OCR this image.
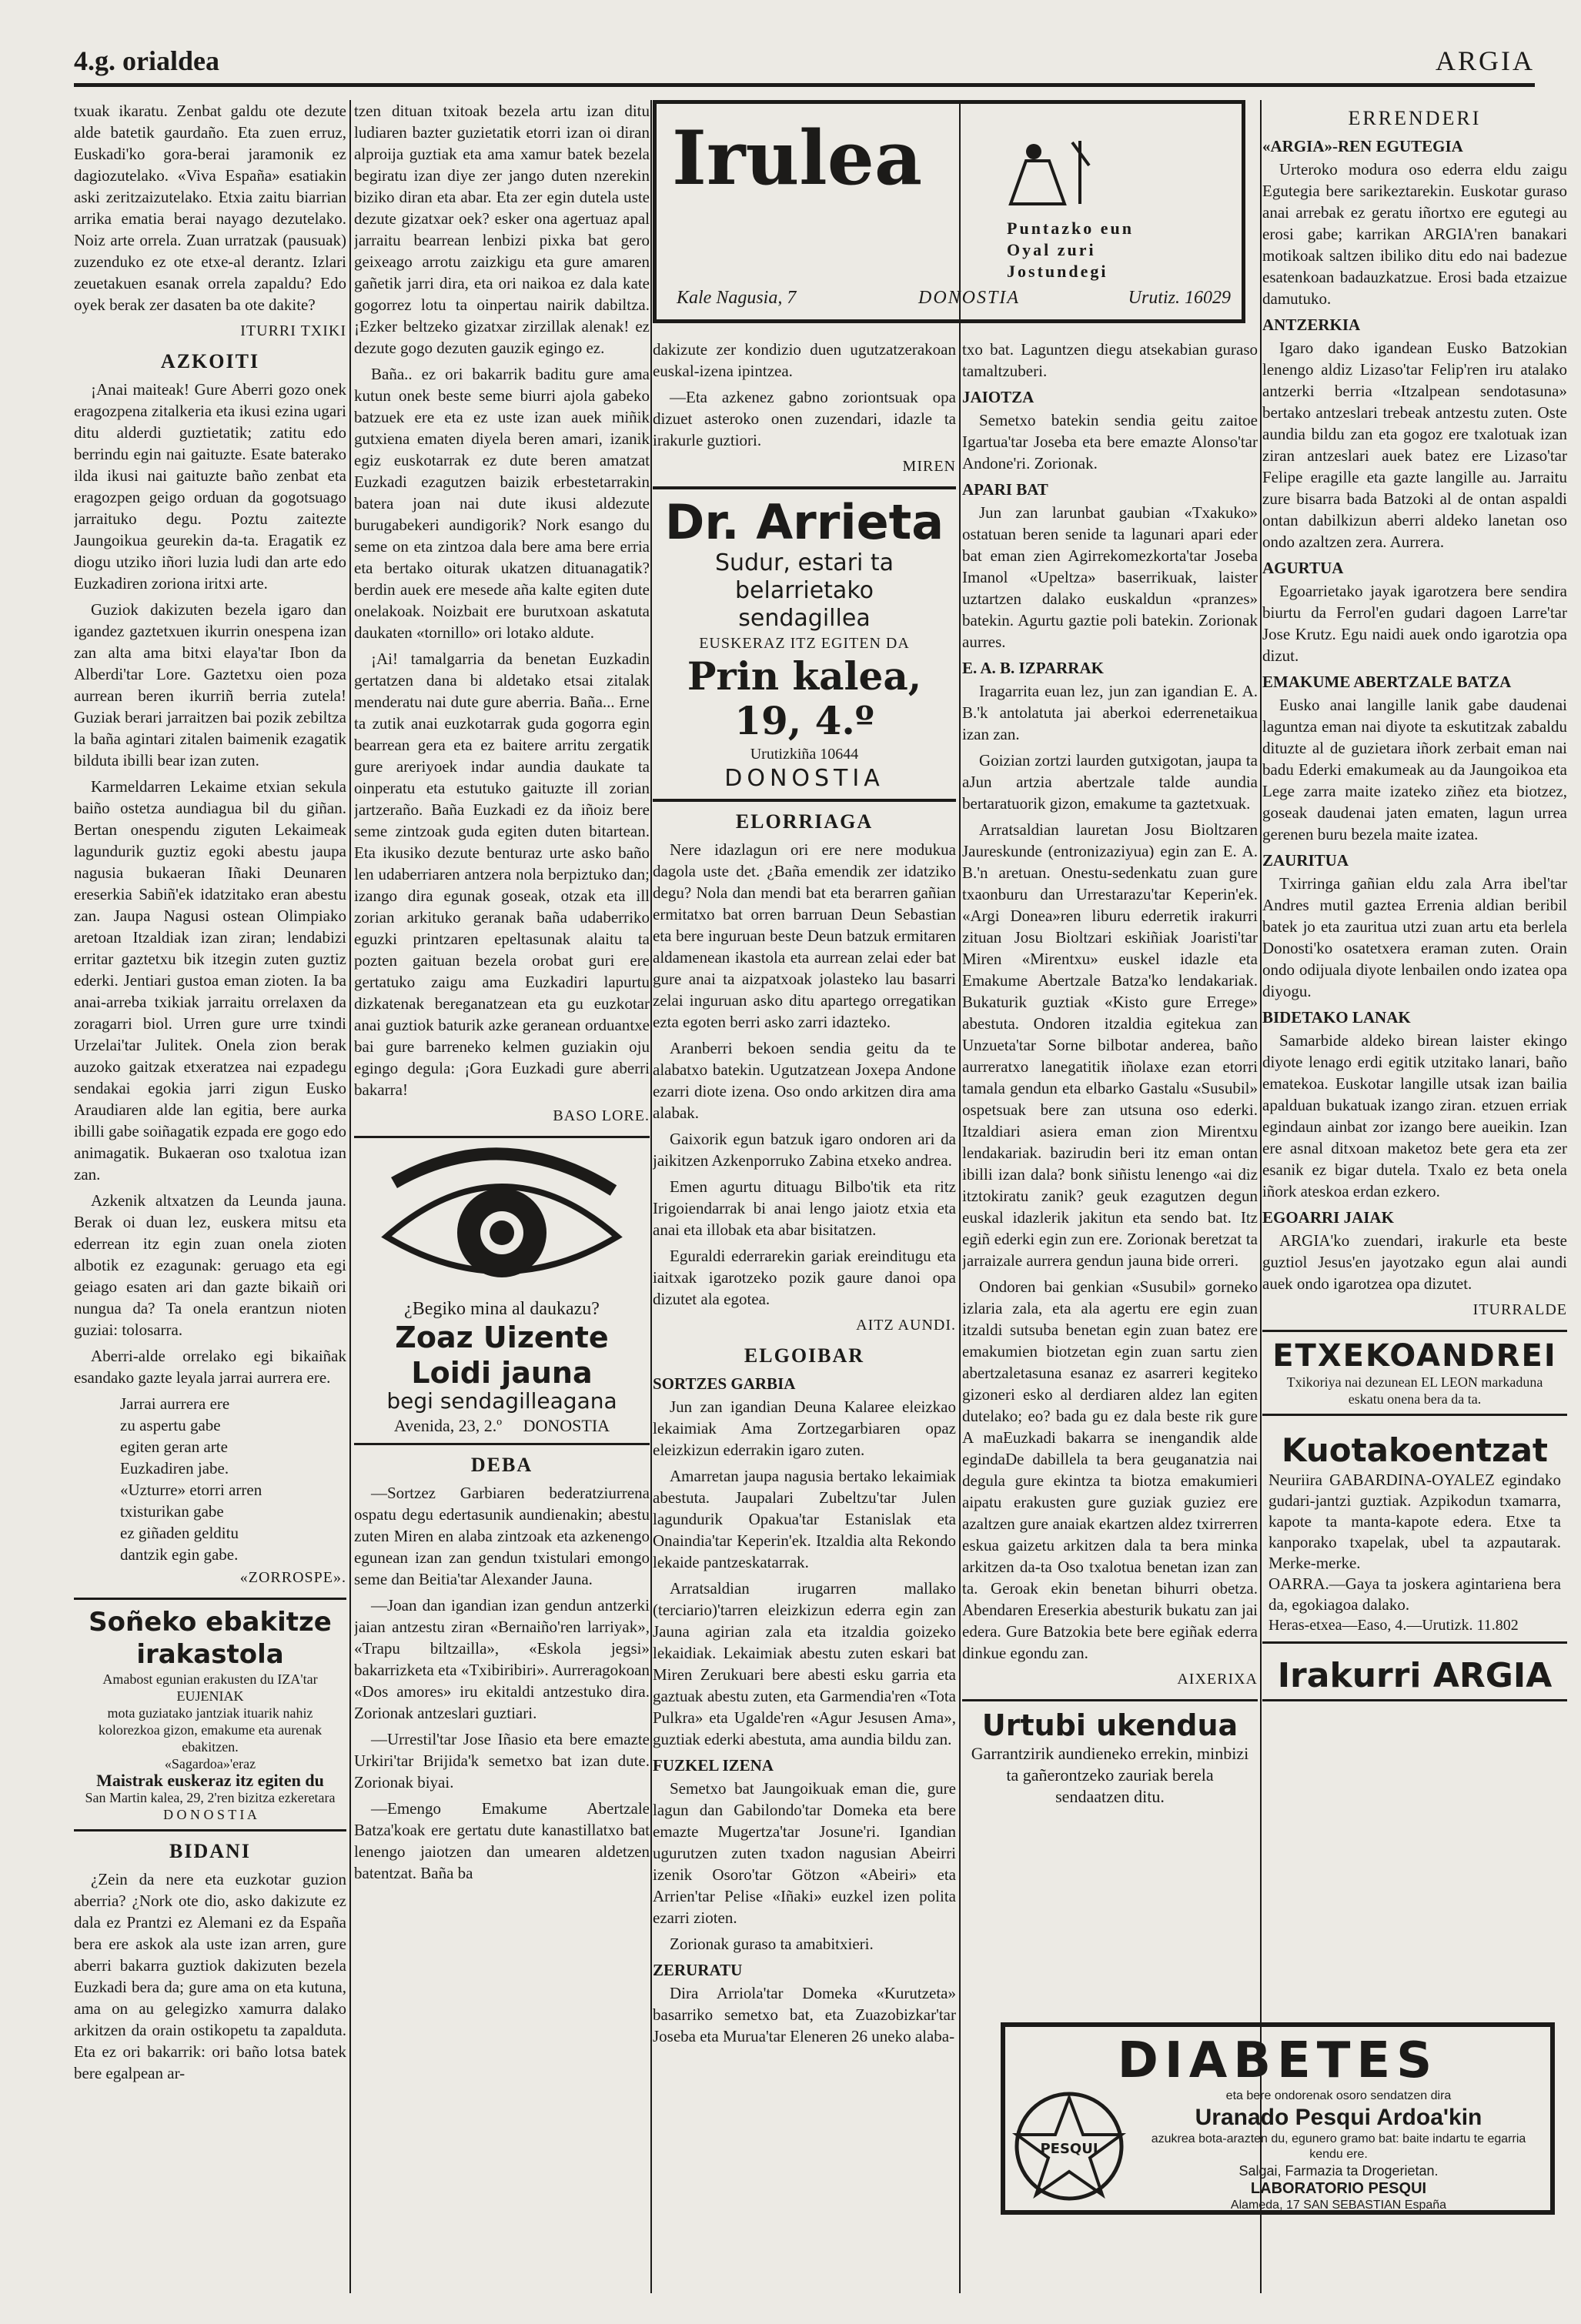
4.g. orialdea	ARGIA

txuak ikaratu. Zenbat galdu ote dezute alde batetik gaurdaño. Eta zuen erruz, Euskadi'ko gora-berai jaramonik ez dagiozutelako. «Viva España» esatiakin aski zeritzaizutelako. Etxia zaitu biarrian arrika ematia berai nayago dezutelako. Noiz arte orrela. Zuan urratzak (pausuak) zuzenduko ez ote etxe-al derantz. Izlari zeuetakuen esanak orrela zapaldu? Edo oyek berak zer dasaten ba ote dakite?

ITURRI TXIKI
AZKOITI

¡Anai maiteak! Gure Aberri gozo onek eragozpena zitalkeria eta ikusi ezina ugari ditu alderdi guztietatik; zatitu edo berrindu egin nai gaituzte. Esate baterako ilda ikusi nai gaituzte baño zenbat eta eragozpen geigo orduan da gogotsuago jarraituko degu. Poztu zaitezte Jaungoikua geurekin da-ta. Eragatik ez diogu utziko iñori luzia ludi dan arte edo Euzkadiren zoriona iritxi arte.

Guziok dakizuten bezela igaro dan igandez gaztetxuen ikurrin onespena izan zan alta ama bitxi elaya'tar Ibon da Alberdi'tar Lore. Gaztetxu oien poza aurrean beren ikurriñ berria zutela! Guziak berari jarraitzen bai pozik zebiltza la baña agintari zitalen baimenik ezagatik bilduta ibilli bear izan zuten.

Karmeldarren Lekaime etxian sekula baiño ostetza aundiagua bil du giñan. Bertan onespendu ziguten Lekaimeak lagundurik guztiz egoki abestu jaupa nagusia bukaeran Iñaki Deunaren ereserkia Sabiñ'ek idatzitako eran abestu zan. Jaupa Nagusi ostean Olimpiako aretoan Itzaldiak izan ziran; lendabizi erritar gaztetxu bik itzegin zuten guztiz ederki. Jentiari gustoa eman zioten. Ia ba anai-arreba txikiak jarraitu orrelaxen da zoragarri biol. Urren gure urre txindi Urzelai'tar Julitek. Onela zion berak auzoko gaitzak etxeratzea nai ezpadegu sendakai egokia jarri zigun Eusko Araudiaren alde lan egitia, bere aurka ibilli gabe soiñagatik ezpada ere gogo edo animagatik. Bukaeran oso txalotua izan zan.

Azkenik altxatzen da Leunda jauna. Berak oi duan lez, euskera mitsu eta ederrean itz egin zuan onela zioten albotik ez ezagunak: geruago eta egi geiago esaten ari dan gazte bikaiñ ori nungua da? Ta onela erantzun nioten guziai: tolosarra.

Aberri-alde orrelako egi bikaiñak esandako gazte leyala jarrai aurrera ere.

Jarrai aurrera ere

zu aspertu gabe

egiten geran arte

Euzkadiren jabe.

«Uzturre» etorri arren

txisturikan gabe

ez giñaden gelditu

dantzik egin gabe.

«ZORROSPE».
Soñeko ebakitze irakastola
Amabost egunian erakusten du IZA'tar EUJENIAK
mota guziatako jantziak ituarik nahiz kolorezkoa gizon, emakume eta aurenak ebakitzen.
«Sagardoa»'eraz
Maistrak euskeraz itz egiten du
San Martin kalea, 29, 2'ren bizitza ezkeretara
D O N O S T I A
BIDANI

¿Zein da nere eta euzkotar guzion aberria? ¿Nork ote dio, asko dakizute ez dala ez Prantzi ez Alemani ez da España bera ere askok ala uste izan arren, gure aberri bakarra guztiok dakizuten bezela Euzkadi bera da; gure ama on eta kutuna, ama on au gelegizko xamurra dalako arkitzen da orain ostikopetu ta zapalduta. Eta ez ori bakarrik: ori baño lotsa batek bere egalpean ar-

tzen dituan txitoak bezela artu izan ditu ludiaren bazter guzietatik etorri izan oi diran alproija guztiak eta ama xamur batek bezela begiratu izan diye zer jango duten nzerekin biziko diran eta abar. Eta zer egin dutela uste dezute gizatxar oek? esker ona agertuaz apal jarraitu bearrean lenbizi pixka bat gero geixeago arrotu zaizkigu eta gure amaren gañetik jarri dira, eta ori naikoa ez dala kate gogorrez lotu ta oinpertau nairik dabiltza. ¡Ezker beltzeko gizatxar zirzillak alenak! ez dezute gogo dezuten gauzik egingo ez.

Baña.. ez ori bakarrik baditu gure ama kutun onek beste seme biurri ajola gabeko batzuek ere eta ez uste izan auek miñik gutxiena ematen diyela beren amari, izanik egiz euskotarrak ez dute beren amatzat Euzkadi ezagutzen baizik erbestetarrakin batera joan nai dute ikusi aldezute burugabekeri aundigorik? Nork esango du seme on eta zintzoa dala bere ama bere erria eta bertako oiturak ukatzen dituanagatik? berdin auek ere mesede aña kalte egiten dute onelakoak. Noizbait ere burutxoan askatuta daukaten «tornillo» ori lotako aldute.

¡Ai! tamalgarria da benetan Euzkadin gertatzen dana bi aldetako etsai zitalak menderatu nai dute gure aberria. Baña... Erne ta zutik anai euzkotarrak guda gogorra egin bearrean gera eta ez baitere arritu zergatik gure areriyoek indar aundia daukate ta oinperatu eta estutuko gaituzte ill zorian jartzeraño. Baña Euzkadi ez da iñoiz bere seme zintzoak guda egiten duten bitartean. Eta ikusiko dezute benturaz urte asko baño len udaberriaren antzera nola berpiztuko dan; izango dira egunak goseak, otzak eta ill zorian arkituko geranak baña udaberriko eguzki printzaren epeltasunak alaitu ta pozten gaituan bezela orobat guri ere gertatuko zaigu ama Euzkadiri lapurtu dizkatenak bereganatzean eta gu euzkotar anai guztiok baturik azke geranean orduantxe bai gure barreneko kelmen guziakin oju egingo degula: ¡Gora Euzkadi gure aberri bakarra!

BASO LORE.
¿Begiko mina al daukazu?
Zoaz Uizente Loidi jauna
begi sendagilleagana
Avenida, 23, 2.º DONOSTIA
DEBA

—Sortzez Garbiaren bederatziurrena ospatu degu edertasunik aundienakin; abestu zuten Miren en alaba zintzoak eta azkenengo egunean izan zan gendun txistulari emongo seme dan Beitia'tar Alexander Jauna.

—Joan dan igandian izan gendun antzerki jaian antzestu ziran «Bernaiño'ren larriyak», «Trapu biltzailla», «Eskola jegsi» bakarrizketa eta «Txibiribiri». Aurreragokoan «Dos amores» iru ekitaldi antzestuko dira. Zorionak antzeslari guztiari.

—Urrestil'tar Jose Iñasio eta bere emazte Urkiri'tar Brijida'k semetxo bat izan dute. Zorionak biyai.

—Emengo Emakume Abertzale Batza'koak ere gertatu dute kanastillatxo bat lenengo jaiotzen dan umearen aldetzen batentzat. Baña ba

Irulea
Puntazko eun
Oyal zuri
Jostundegi
Kale Nagusia, 7	DONOSTIA	Urutiz. 16029

dakizute zer kondizio duen ugutzatzerakoan euskal-izena ipintzea.

—Eta azkenez gabno zoriontsuak opa dizuet asteroko onen zuzendari, idazle ta irakurle guztiori.

MIREN
Dr. Arrieta
Sudur, estari ta belarrietako
sendagillea
EUSKERAZ ITZ EGITEN DA
Prin kalea, 19, 4.º
Urutizkiña 10644
DONOSTIA
ELORRIAGA

Nere idazlagun ori ere nere modukua dagola uste det. ¿Baña emendik zer idatziko degu? Nola dan mendi bat eta berarren gañian ermitatxo bat orren barruan Deun Sebastian eta bere inguruan beste Deun batzuk ermitaren aldamenean ikastola eta aurrean zelai eder bat gure anai ta aizpatxoak jolasteko lau basarri zelai inguruan asko ditu apartego orregatikan ezta egoten berri asko zarri idazteko.

Aranberri bekoen sendia geitu da te alabatxo batekin. Ugutzatzean Joxepa Andone ezarri diote izena. Oso ondo arkitzen dira ama alabak.

Gaixorik egun batzuk igaro ondoren ari da jaikitzen Azkenporruko Zabina etxeko andrea.

Emen agurtu dituagu Bilbo'tik eta ritz Irigoiendarrak bi anai lengo jaiotz etxia eta anai eta illobak eta abar bisitatzen.

Eguraldi ederrarekin gariak ereinditugu eta iaitxak igarotzeko pozik gaure danoi opa dizutet ala egotea.

AITZ AUNDI.
ELGOIBAR

SORTZES GARBIA

Jun zan igandian Deuna Kalaree eleizkao lekaimiak Ama Zortzegarbiaren opaz eleizkizun ederrakin igaro zuten.

Amarretan jaupa nagusia bertako lekaimiak abestuta. Jaupalari Zubeltzu'tar Julen lagundurik Opakua'tar Estanislak eta Onaindia'tar Keperin'ek. Itzaldia alta Rekondo lekaide pantzeskatarrak.

Arratsaldian irugarren mallako (terciario)'tarren eleizkizun ederra egin zan Jauna agirian zala eta itzaldia goizeko lekaidiak. Lekaimiak abestu zuten eskari bat Miren Zerukuari bere abesti esku garria eta gaztuak abestu zuten, eta Garmendia'ren «Tota Pulkra» eta Ugalde'ren «Agur Jesusen Ama», guztiak ederki abestuta, ama aundia bildu zan.

FUZKEL IZENA

Semetxo bat Jaungoikuak eman die, gure lagun dan Gabilondo'tar Domeka eta bere emazte Mugertza'tar Josune'ri. Igandian ugurutzen zuten txadon nagusian Abeirri izenik Osoro'tar Götzon «Abeiri» eta Arrien'tar Pelise «Iñaki» euzkel izen polita ezarri zioten.

Zorionak guraso ta amabitxieri.

ZERURATU

Dira Arriola'tar Domeka «Kurutzeta» basarriko semetxo bat, eta Zuazobizkar'tar Joseba eta Murua'tar Eleneren 26 uneko alaba-

txo bat. Laguntzen diegu atsekabian guraso tamaltzuberi.

JAIOTZA

Semetxo batekin sendia geitu zaitoe Igartua'tar Joseba eta bere emazte Alonso'tar Andone'ri. Zorionak.

APARI BAT

Jun zan larunbat gaubian «Txakuko» ostatuan beren senide ta lagunari apari eder bat eman zien Agirrekomezkorta'tar Joseba Imanol «Upeltza» baserrikuak, laister uztartzen dalako euskaldun «pranzes» batekin. Agurtu gaztie poli batekin. Zorionak aurres.

E. A. B. IZPARRAK

Iragarrita euan lez, jun zan igandian E. A. B.'k antolatuta jai aberkoi ederrenetaikua izan zan.

Goizian zortzi laurden gutxigotan, jaupa ta aJun artzia abertzale talde aundia bertaratuorik gizon, emakume ta gaztetxuak.

Arratsaldian lauretan Josu Bioltzaren Jaureskunde (entronizaziyua) egin zan E. A. B.'n aretuan. Onestu-sedenkatu zuan gure txaonburu dan Urrestarazu'tar Keperin'ek. «Argi Donea»ren liburu ederretik irakurri zituan Josu Bioltzari eskiñiak Joaristi'tar Miren «Mirentxu» euskel idazle eta Emakume Abertzale Batza'ko lendakariak. Bukaturik guztiak «Kisto gure Errege» abestuta. Ondoren itzaldia egitekua zan Unzueta'tar Sorne bilbotar anderea, baño aurreratxo lanegatitik iñolaxe ezan etorri tamala gendun eta elbarko Gastalu «Susubil» ospetsuak bere zan utsuna oso ederki. Itzaldiari asiera eman zion Mirentxu lendakariak. bazirudin beri itz eman ontan ibilli izan dala? bonk siñistu lenengo «ai diz itztokiratu zanik? geuk ezagutzen degun euskal idazlerik jakitun eta sendo bat. Itz egiñ ederki egin zun ere. Zorionak beretzat ta jarraizale aurrera gendun jauna bide orreri.

Ondoren bai genkian «Susubil» gorneko izlaria zala, eta ala agertu ere egin zuan itzaldi sutsuba benetan egin zuan batez ere emakumien biotzetan egin zuan sartu zien abertzaletasuna esanaz ez asarreri kegiteko gizoneri esko al derdiaren aldez lan egiten dutelako; eo? bada gu ez dala beste rik gure A maEuzkadi bakarra se inengandik alde egindaDe dabillela ta bera geuganatzia nai degula gure ekintza ta biotza emakumieri aipatu erakusten gure guziak guziez ere azaltzen gure anaiak ekartzen aldez txirrerren eskua gaizetu arkitzen dala ta bera minka arkitzen da-ta Oso txalotua benetan izan zan ta. Geroak ekin benetan bihurri obetza. Abendaren Ereserkia abesturik bukatu zan jai edera. Gure Batzokia bete bere egiñak ederra dinkue egondu zan.

AIXERIXA
Urtubi ukendua
Garrantzirik aundieneko errekin, minbizi ta gañerontzeko zauriak berela sendaatzen ditu.
ERRENDERI

«ARGIA»-REN EGUTEGIA

Urteroko modura oso ederra eldu zaigu Egutegia bere sarikeztarekin. Euskotar guraso anai arrebak ez geratu iñortxo ere egutegi au erosi gabe; karrikan ARGIA'ren banakari motikoak saltzen ibiliko ditu edo nai badezue esatenkoan badauzkatzue. Erosi bada etzaizue damutuko.

ANTZERKIA

Igaro dako igandean Eusko Batzokian lenengo aldiz Lizaso'tar Felip'ren iru atalako antzerki berria «Itzalpean sendotasuna» bertako antzeslari trebeak antzestu zuten. Oste aundia bildu zan eta gogoz ere txalotuak izan ziran antzeslari auek batez ere Lizaso'tar Felipe eragille eta gazte langille au. Jarraitu zure bisarra bada Batzoki al de ontan aspaldi ontan dabilkizun aberri aldeko lanetan oso ondo azaltzen zera. Aurrera.

AGURTUA

Egoarrietako jayak igarotzera bere sendira biurtu da Ferrol'en gudari dagoen Larre'tar Jose Krutz. Egu naidi auek ondo igarotzia opa dizut.

EMAKUME ABERTZALE BATZA

Eusko anai langille lanik gabe daudenai laguntza eman nai diyote ta eskutitzak zabaldu dituzte al de guzietara iñork zerbait eman nai badu Ederki emakumeak au da Jaungoikoa eta Lege zarra maite izateko ziñez eta biotzez, goseak daudenai jaten ematen, lagun urrea gerenen buru bezela maite izatea.

ZAURITUA

Txirringa gañian eldu zala Arra ibel'tar Andres mutil gaztea Errenia aldian beribil batek jo eta zauritua utzi zuan artu eta berlela Donosti'ko osatetxera eraman zuten. Orain ondo odijuala diyote lenbailen ondo izatea opa diyogu.

BIDETAKO LANAK

Samarbide aldeko birean laister ekingo diyote lenago erdi egitik utzitako lanari, baño ematekoa. Euskotar langille utsak izan bailia apalduan bukatuak izango ziran. etzuen erriak egindaun ainbat zor izango bere aueikin. Izan ere asnal ditxoan maketoz bete gera eta zer esanik ez bigar dutela. Txalo ez beta onela iñork ateskoa erdan ezkero.

EGOARRI JAIAK

ARGIA'ko zuendari, irakurle eta beste guztiol Jesus'en jayotzako egun alai aundi auek ondo igarotzea opa dizutet.

ITURRALDE
ETXEKOANDREI
Txikoriya nai dezunean EL LEON markaduna eskatu onena bera da ta.
Kuotakoentzat
Neuriira GABARDINA-OYALEZ egindako gudari-jantzi guztiak. Azpikodun txamarra, kapote ta manta-kapote edera. Etxe ta kanporako txapelak, ubel ta azpautarak. Merke-merke.
OARRA.—Gaya ta joskera agintariena bera da, egokiagoa dalako.
Heras-etxea—Easo, 4.—Urutizk. 11.802
Irakurri ARGIA
DIABETES
PESQUI
eta bere ondorenak osoro sendatzen dira
Uranado Pesqui Ardoa'kin
azukrea bota-arazten du, egunero gramo bat: baite indartu te egarria kendu ere.
Salgai, Farmazia ta Drogerietan.
LABORATORIO PESQUI
Alameda, 17 SAN SEBASTIAN España
